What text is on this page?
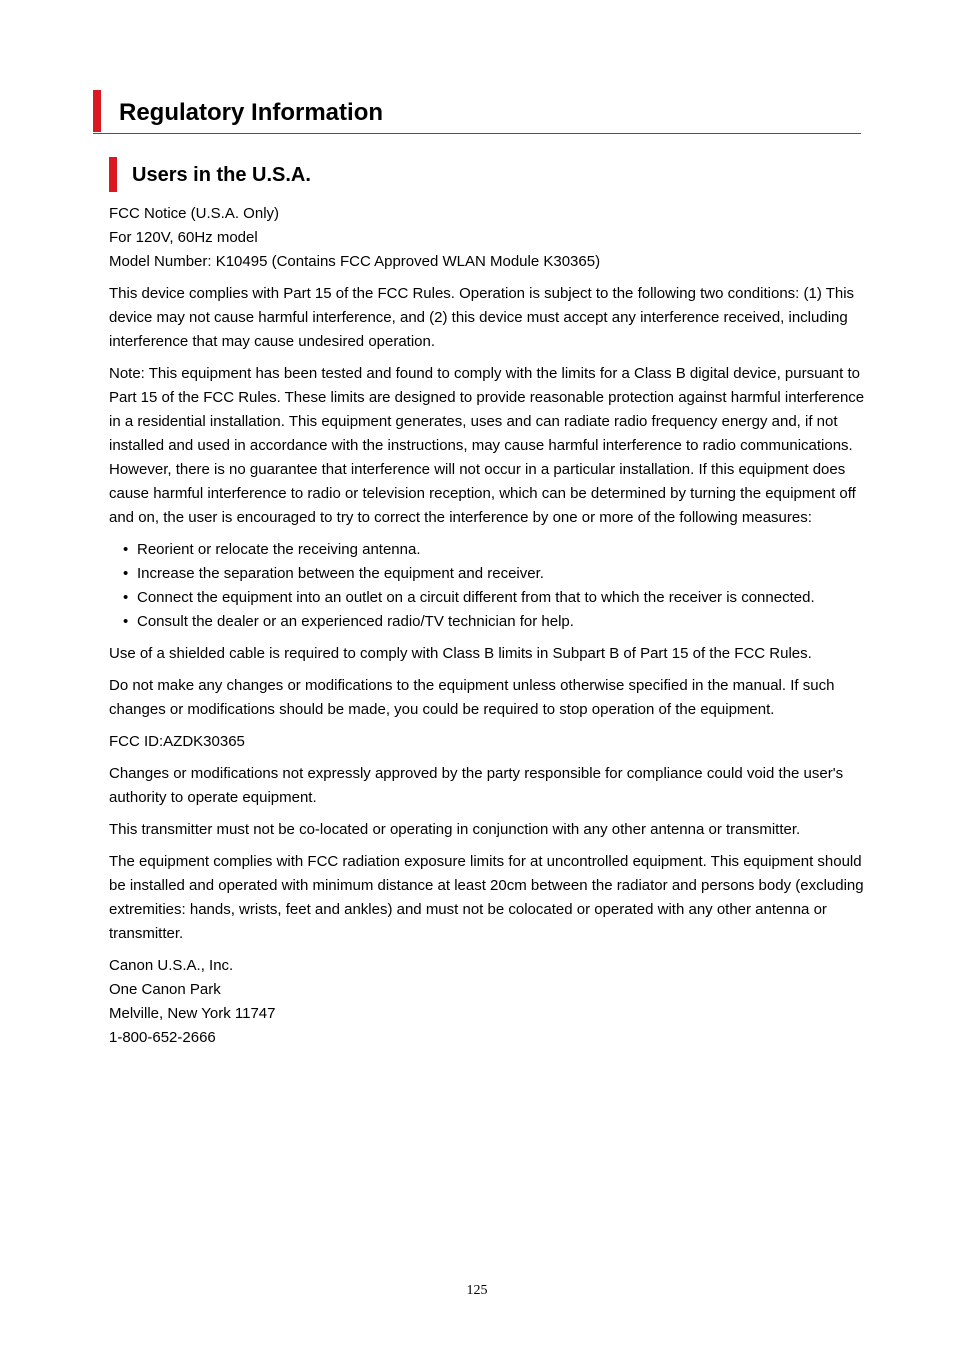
Regulatory Information
Users in the U.S.A.

FCC Notice (U.S.A. Only)
For 120V, 60Hz model
Model Number: K10495 (Contains FCC Approved WLAN Module K30365)

This device complies with Part 15 of the FCC Rules. Operation is subject to the following two conditions: (1) This device may not cause harmful interference, and (2) this device must accept any interference received, including interference that may cause undesired operation.

Note: This equipment has been tested and found to comply with the limits for a Class B digital device, pursuant to Part 15 of the FCC Rules. These limits are designed to provide reasonable protection against harmful interference in a residential installation. This equipment generates, uses and can radiate radio frequency energy and, if not installed and used in accordance with the instructions, may cause harmful interference to radio communications.

However, there is no guarantee that interference will not occur in a particular installation. If this equipment does cause harmful interference to radio or television reception, which can be determined by turning the equipment off and on, the user is encouraged to try to correct the interference by one or more of the following measures:

• Reorient or relocate the receiving antenna.
• Increase the separation between the equipment and receiver.
• Connect the equipment into an outlet on a circuit different from that to which the receiver is connected.
• Consult the dealer or an experienced radio/TV technician for help.

Use of a shielded cable is required to comply with Class B limits in Subpart B of Part 15 of the FCC Rules.

Do not make any changes or modifications to the equipment unless otherwise specified in the manual. If such changes or modifications should be made, you could be required to stop operation of the equipment.

FCC ID:AZDK30365

Changes or modifications not expressly approved by the party responsible for compliance could void the user's authority to operate equipment.

This transmitter must not be co-located or operating in conjunction with any other antenna or transmitter.

The equipment complies with FCC radiation exposure limits for at uncontrolled equipment. This equipment should be installed and operated with minimum distance at least 20cm between the radiator and persons body (excluding extremities: hands, wrists, feet and ankles) and must not be colocated or operated with any other antenna or transmitter.

Canon U.S.A., Inc.
One Canon Park
Melville, New York 11747
1-800-652-2666

125
